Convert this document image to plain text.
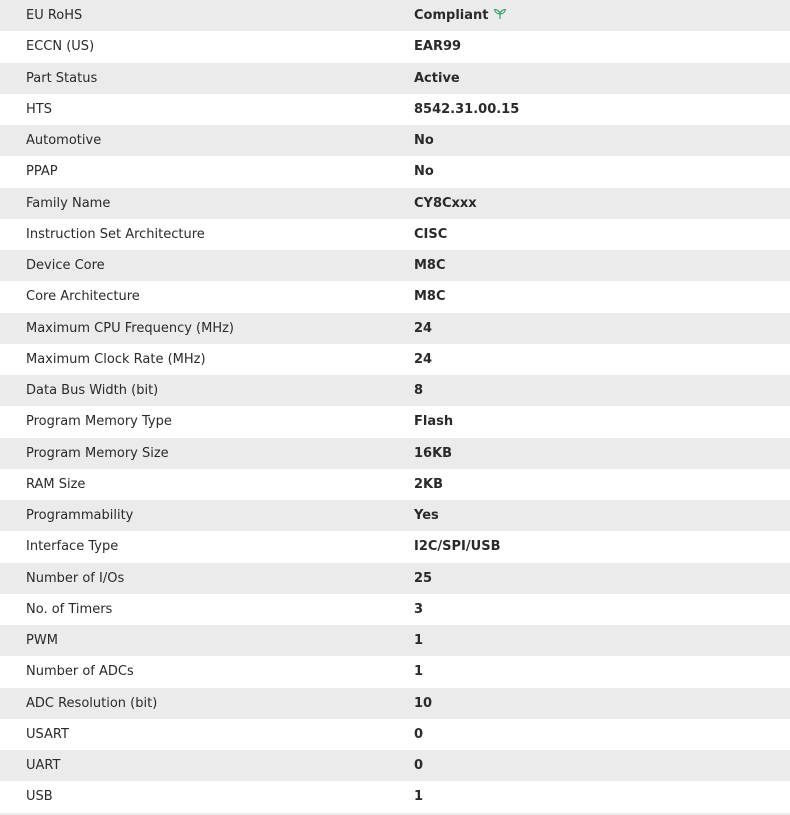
EU RoHS	Compliant
ECCN (US)	EAR99
Part Status	Active
HTS	8542.31.00.15
Automotive	No
PPAP	No
Family Name	CY8Cxxx
Instruction Set Architecture	CISC
Device Core	M8C
Core Architecture	M8C
Maximum CPU Frequency (MHz)	24
Maximum Clock Rate (MHz)	24
Data Bus Width (bit)	8
Program Memory Type	Flash
Program Memory Size	16KB
RAM Size	2KB
Programmability	Yes
Interface Type	I2C/SPI/USB
Number of I/Os	25
No. of Timers	3
PWM	1
Number of ADCs	1
ADC Resolution (bit)	10
USART	0
UART	0
USB	1
